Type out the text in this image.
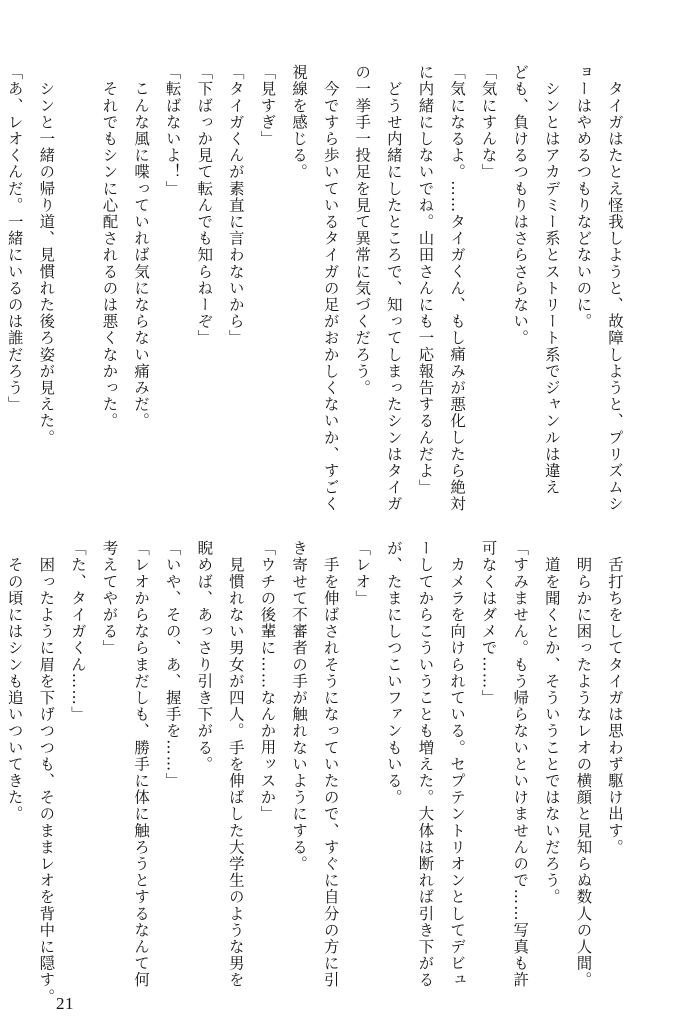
　タイガはたとえ怪我しようと、故障しようと、プリズムシ
ョーはやめるつもりなどないのに。
　シンとはアカデミー系とストリート系でジャンルは違え
ども、負けるつもりはさらさらない。
「気にすんな」
「気になるよ。……タイガくん、もし痛みが悪化したら絶対
に内緒にしないでね。山田さんにも一応報告するんだよ」
　どうせ内緒にしたところで、知ってしまったシンはタイガ
の一挙手一投足を見て異常に気づくだろう。
　今ですら歩いているタイガの足がおかしくないか、すごく
視線を感じる。
「見すぎ」
「タイガくんが素直に言わないから」
「下ばっか見て転んでも知らねーぞ」
「転ばないよ！」
　こんな風に喋っていれば気にならない痛みだ。
　それでもシンに心配されるのは悪くなかった。

　シンと一緒の帰り道、見慣れた後ろ姿が見えた。
「あ、レオくんだ。一緒にいるのは誰だろう」
　舌打ちをしてタイガは思わず駆け出す。
　明らかに困ったようなレオの横顔と見知らぬ数人の人間。
　道を聞くとか、そういうことではないだろう。
「すみません。もう帰らないといけませんので……写真も許
可なくはダメで……」
　カメラを向けられている。セプテントリオンとしてデビュ
ーしてからこういうことも増えた。大体は断れば引き下がる
が、たまにしつこいファンもいる。
「レオ」
　手を伸ばされそうになっていたので、すぐに自分の方に引
き寄せて不審者の手が触れないようにする。
「ウチの後輩に……なんか用ッスか」
　見慣れない男女が四人。手を伸ばした大学生のような男を
睨めば、あっさり引き下がる。
「いや、その、あ、握手を……」
「レオからならまだしも、勝手に体に触ろうとするなんて何
考えてやがる」
「た、タイガくん……」
　困ったように眉を下げつつも、そのままレオを背中に隠す。
　その頃にはシンも追いついてきた。
21
